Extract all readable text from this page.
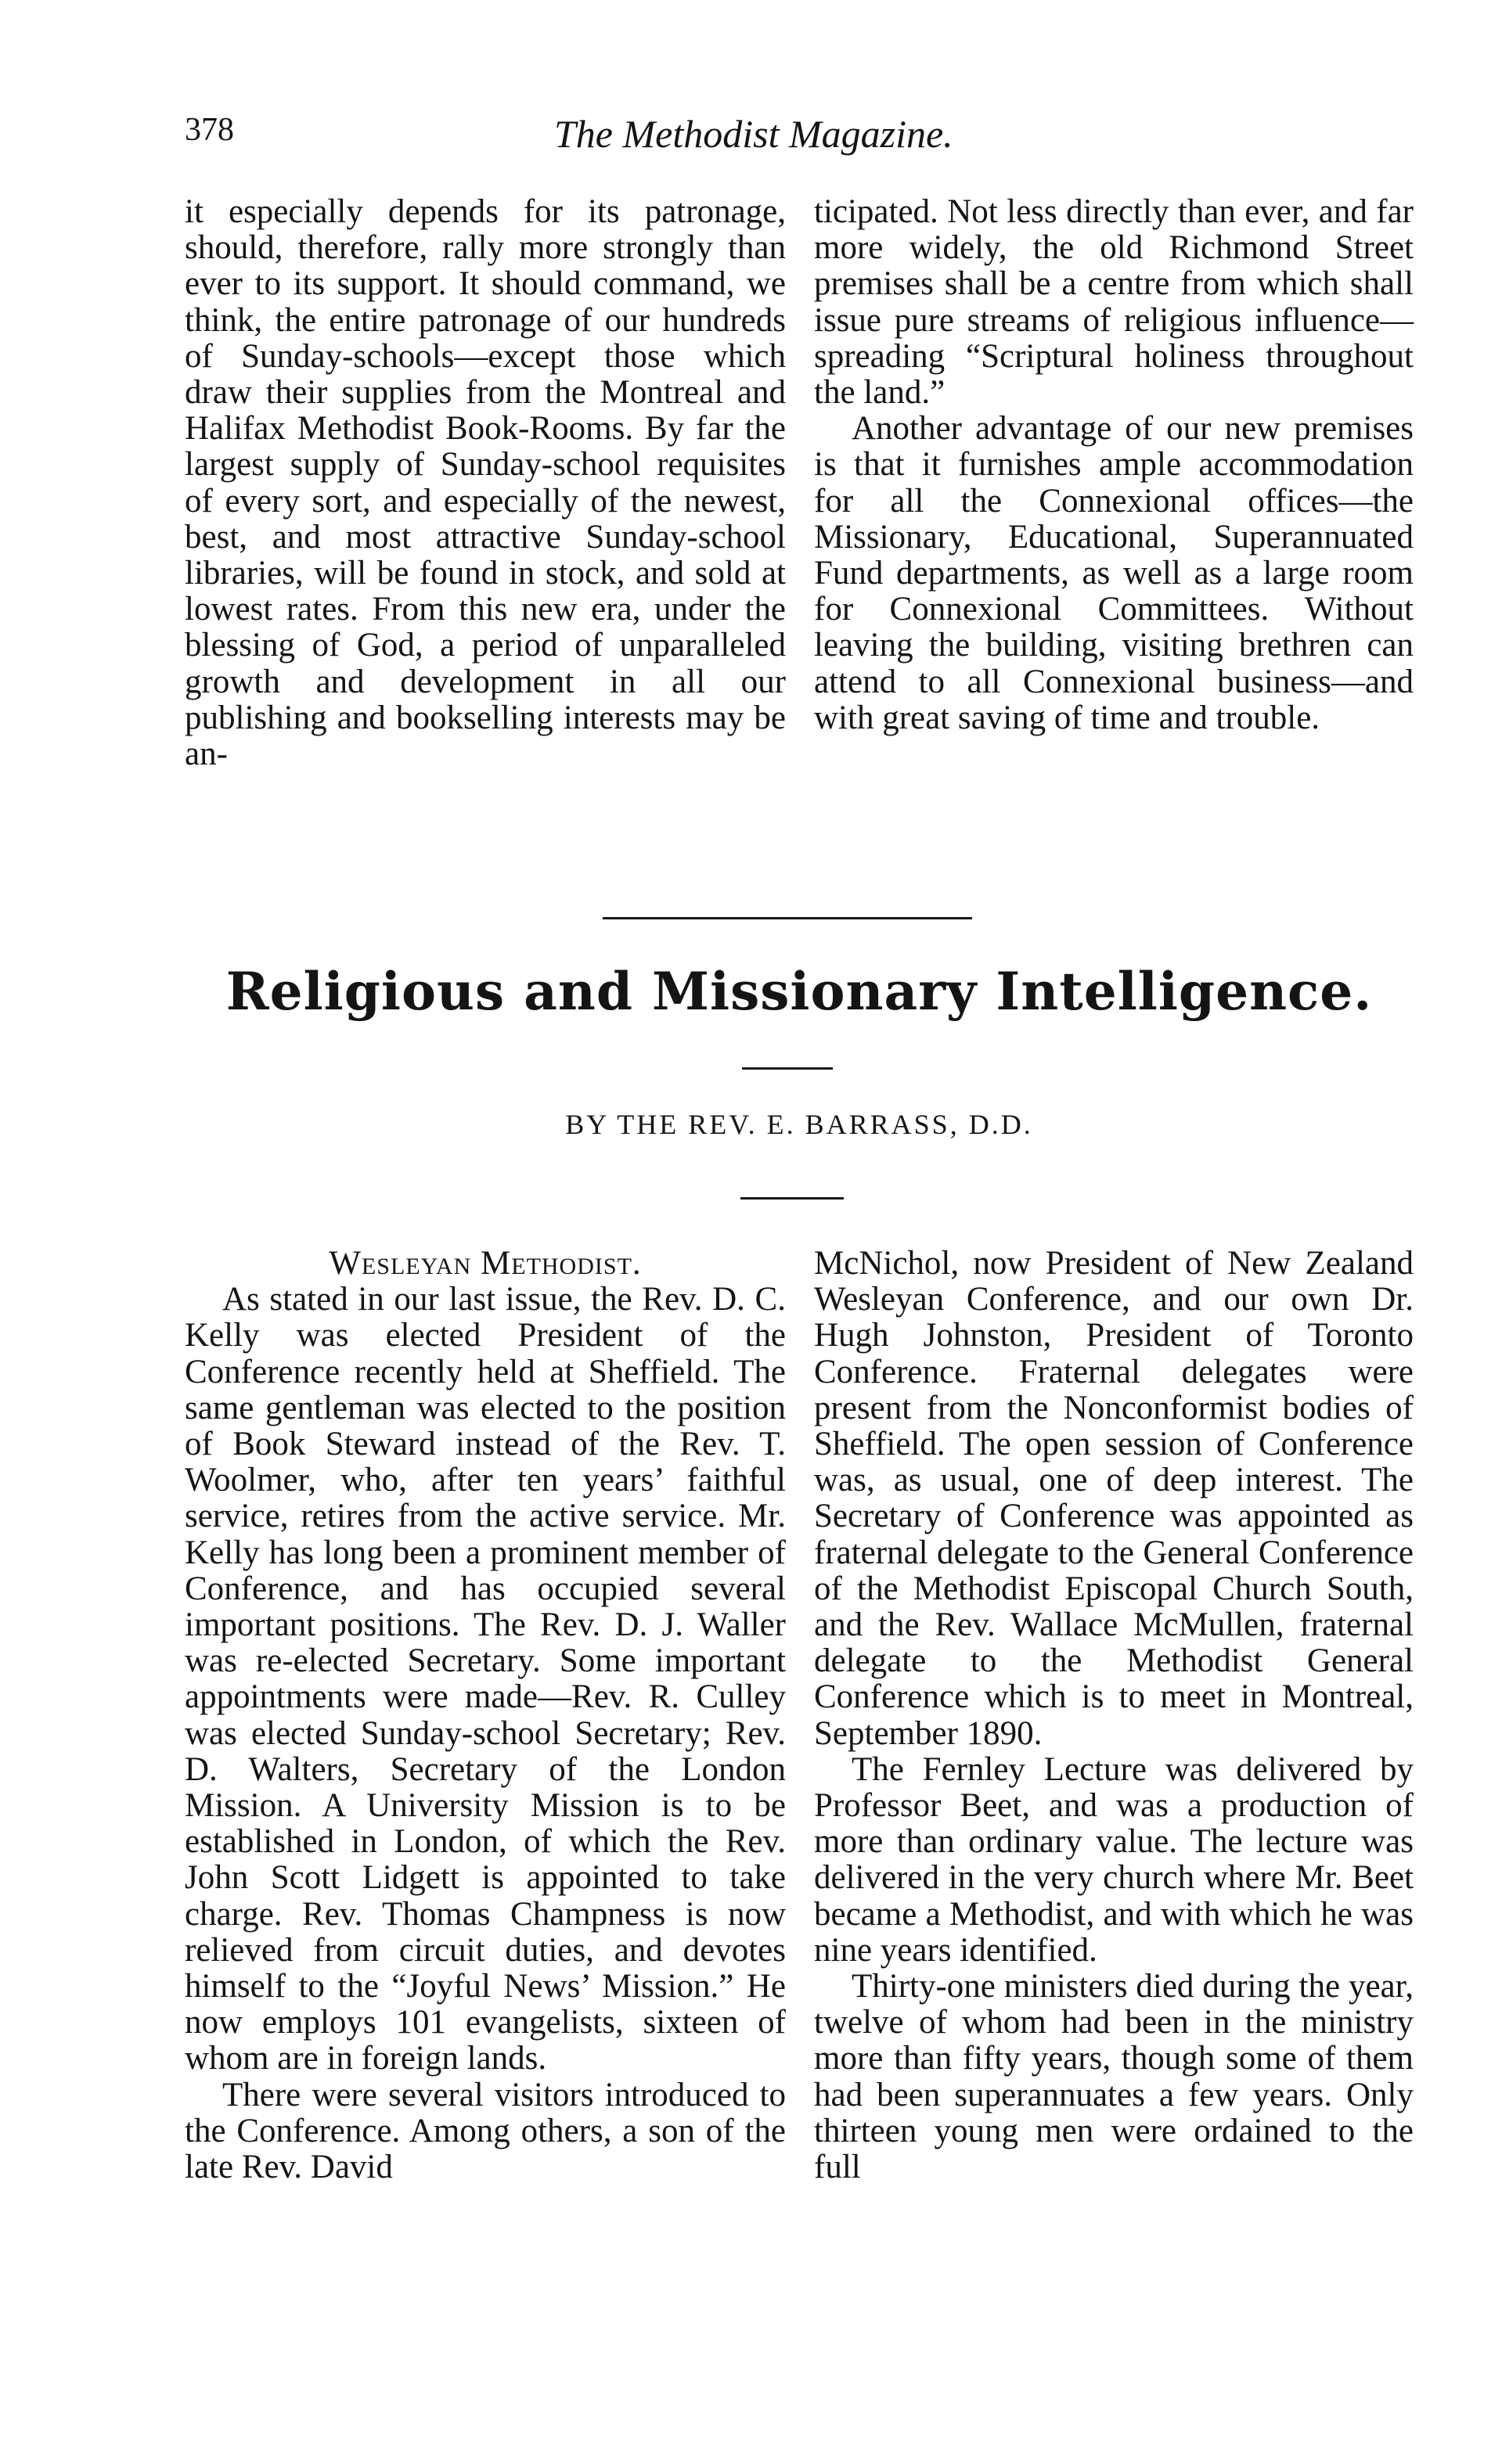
378	The Methodist Magazine.

it especially depends for its patronage, should, therefore, rally more strongly than ever to its support. It should command, we think, the entire patronage of our hundreds of Sunday-schools—except those which draw their supplies from the Montreal and Halifax Methodist Book-Rooms. By far the largest supply of Sunday-school requisites of every sort, and especially of the newest, best, and most attractive Sunday-school libraries, will be found in stock, and sold at lowest rates. From this new era, under the blessing of God, a period of unparalleled growth and development in all our publishing and bookselling interests may be an-

ticipated. Not less directly than ever, and far more widely, the old Richmond Street premises shall be a centre from which shall issue pure streams of religious influence—spreading “Scriptural holiness throughout the land.”

Another advantage of our new premises is that it furnishes ample accommodation for all the Connexional offices—the Missionary, Educational, Superannuated Fund departments, as well as a large room for Connexional Committees. Without leaving the building, visiting brethren can attend to all Connexional business—and with great saving of time and trouble.

Religious and Missionary Intelligence.
BY THE REV. E. BARRASS, D.D.

Wesleyan Methodist.

As stated in our last issue, the Rev. D. C. Kelly was elected President of the Conference recently held at Sheffield. The same gentleman was elected to the position of Book Steward instead of the Rev. T. Woolmer, who, after ten years’ faithful service, retires from the active service. Mr. Kelly has long been a prominent member of Conference, and has occupied several important positions. The Rev. D. J. Waller was re-elected Secretary. Some important appointments were made—Rev. R. Culley was elected Sunday-school Secretary; Rev. D. Walters, Secretary of the London Mission. A University Mission is to be established in London, of which the Rev. John Scott Lidgett is appointed to take charge. Rev. Thomas Champness is now relieved from circuit duties, and devotes himself to the “Joyful News’ Mission.” He now employs 101 evangelists, sixteen of whom are in foreign lands.

There were several visitors introduced to the Conference. Among others, a son of the late Rev. David

McNichol, now President of New Zealand Wesleyan Conference, and our own Dr. Hugh Johnston, President of Toronto Conference. Fraternal delegates were present from the Nonconformist bodies of Sheffield. The open session of Conference was, as usual, one of deep interest. The Secretary of Conference was appointed as fraternal delegate to the General Conference of the Methodist Episcopal Church South, and the Rev. Wallace McMullen, fraternal delegate to the Methodist General Conference which is to meet in Montreal, September 1890.

The Fernley Lecture was delivered by Professor Beet, and was a production of more than ordinary value. The lecture was delivered in the very church where Mr. Beet became a Methodist, and with which he was nine years identified.

Thirty-one ministers died during the year, twelve of whom had been in the ministry more than fifty years, though some of them had been superannuates a few years. Only thirteen young men were ordained to the full
